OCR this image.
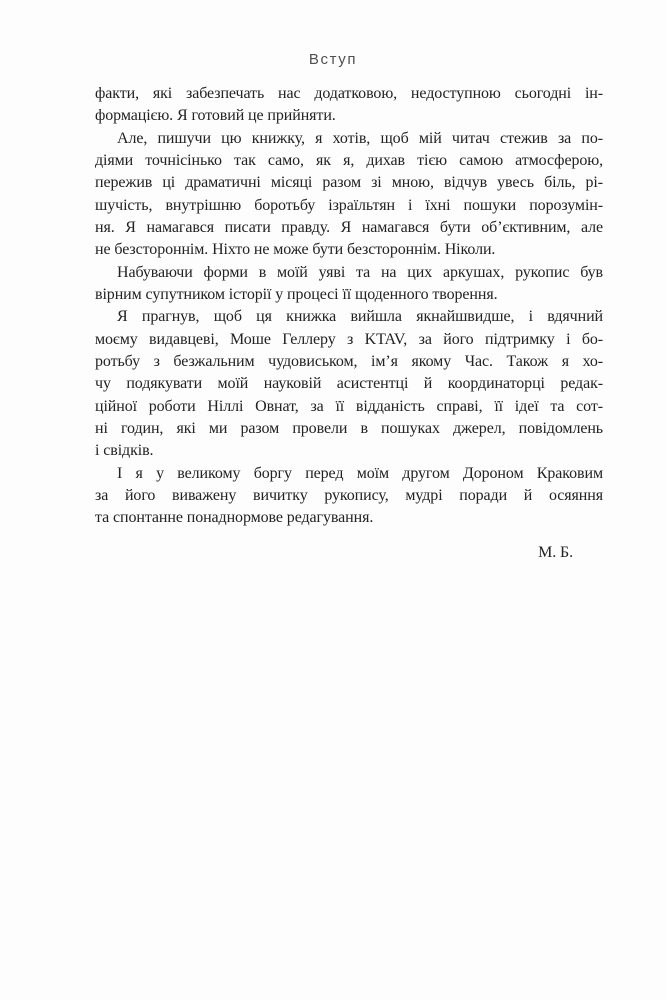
Вступ
факти, які забезпечать нас додатковою, недоступною сьогодні ін-
формацією. Я готовий це прийняти.
Але, пишучи цю книжку, я хотів, щоб мій читач стежив за по-
діями точнісінько так само, як я, дихав тією самою атмосферою,
пережив ці драматичні місяці разом зі мною, відчув увесь біль, рі-
шучість, внутрішню боротьбу ізраїльтян і їхні пошуки порозумін-
ня. Я намагався писати правду. Я намагався бути об’єктивним, але
не безстороннім. Ніхто не може бути безстороннім. Ніколи.
Набуваючи форми в моїй уяві та на цих аркушах, рукопис був
вірним супутником історії у процесі її щоденного творення.
Я прагнув, щоб ця книжка вийшла якнайшвидше, і вдячний
моєму видавцеві, Моше Геллеру з KTAV, за його підтримку і бо-
ротьбу з безжальним чудовиськом, ім’я якому Час. Також я хо-
чу подякувати моїй науковій асистентці й координаторці редак-
ційної роботи Ніллі Овнат, за її відданість справі, її ідеї та сот-
ні годин, які ми разом провели в пошуках джерел, повідомлень
і свідків.
І я у великому боргу перед моїм другом Дороном Краковим
за його виважену вичитку рукопису, мудрі поради й осяяння
та спонтанне понаднормове редагування.
М. Б.
